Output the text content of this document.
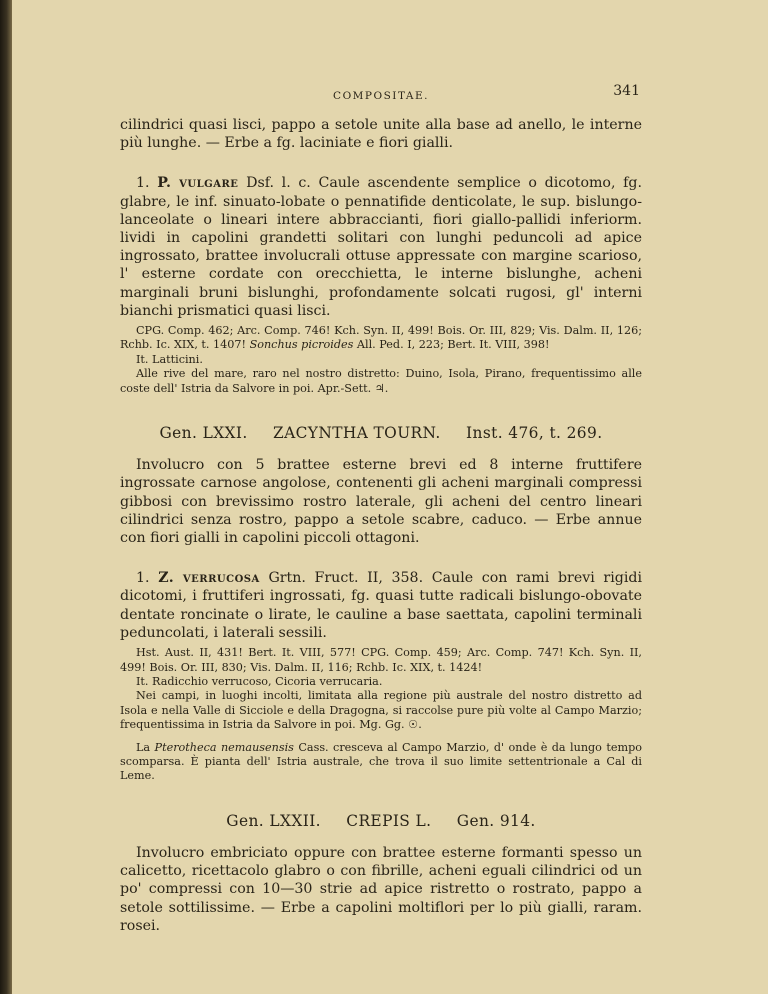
COMPOSITAE.	341

cilindrici quasi lisci, pappo a setole unite alla base ad anello, le interne più lunghe. — Erbe a fg. laciniate e fiori gialli.

1. P. vulgare Dsf. l. c. Caule ascendente semplice o dicotomo, fg. glabre, le inf. sinuato-lobate o pennatifide denticolate, le sup. bislungo-lanceolate o lineari intere abbraccianti, fiori giallo-pallidi inferiorm. lividi in capolini grandetti solitari con lunghi peduncoli ad apice ingrossato, brattee involucrali ottuse appressate con margine scarioso, l' esterne cordate con orecchietta, le interne bislunghe, acheni marginali bruni bislunghi, profondamente solcati rugosi, gl' interni bianchi prismatici quasi lisci.

CPG. Comp. 462; Arc. Comp. 746! Kch. Syn. II, 499! Bois. Or. III, 829; Vis. Dalm. II, 126; Rchb. Ic. XIX, t. 1407! Sonchus picroides All. Ped. I, 223; Bert. It. VIII, 398!

It. Latticini.

Alle rive del mare, raro nel nostro distretto: Duino, Isola, Pirano, frequentissimo alle coste dell' Istria da Salvore in poi. Apr.-Sett. ♃.

Gen. LXXI. ZACYNTHA TOURN. Inst. 476, t. 269.

Involucro con 5 brattee esterne brevi ed 8 interne fruttifere ingrossate carnose angolose, contenenti gli acheni marginali compressi gibbosi con brevissimo rostro laterale, gli acheni del centro lineari cilindrici senza rostro, pappo a setole scabre, caduco. — Erbe annue con fiori gialli in capolini piccoli ottagoni.

1. Z. verrucosa Grtn. Fruct. II, 358. Caule con rami brevi rigidi dicotomi, i fruttiferi ingrossati, fg. quasi tutte radicali bislungo-obovate dentate roncinate o lirate, le cauline a base saettata, capolini terminali peduncolati, i laterali sessili.

Hst. Aust. II, 431! Bert. It. VIII, 577! CPG. Comp. 459; Arc. Comp. 747! Kch. Syn. II, 499! Bois. Or. III, 830; Vis. Dalm. II, 116; Rchb. Ic. XIX, t. 1424!

It. Radicchio verrucoso, Cicoria verrucaria.

Nei campi, in luoghi incolti, limitata alla regione più australe del nostro distretto ad Isola e nella Valle di Sicciole e della Dragogna, si raccolse pure più volte al Campo Marzio; frequentissima in Istria da Salvore in poi. Mg. Gg. ☉.

La Pterotheca nemausensis Cass. cresceva al Campo Marzio, d' onde è da lungo tempo scomparsa. È pianta dell' Istria australe, che trova il suo limite settentrionale a Cal di Leme.

Gen. LXXII. CREPIS L. Gen. 914.

Involucro embriciato oppure con brattee esterne formanti spesso un calicetto, ricettacolo glabro o con fibrille, acheni eguali cilindrici od un po' compressi con 10—30 strie ad apice ristretto o rostrato, pappo a setole sottilissime. — Erbe a capolini moltiflori per lo più gialli, raram. rosei.
